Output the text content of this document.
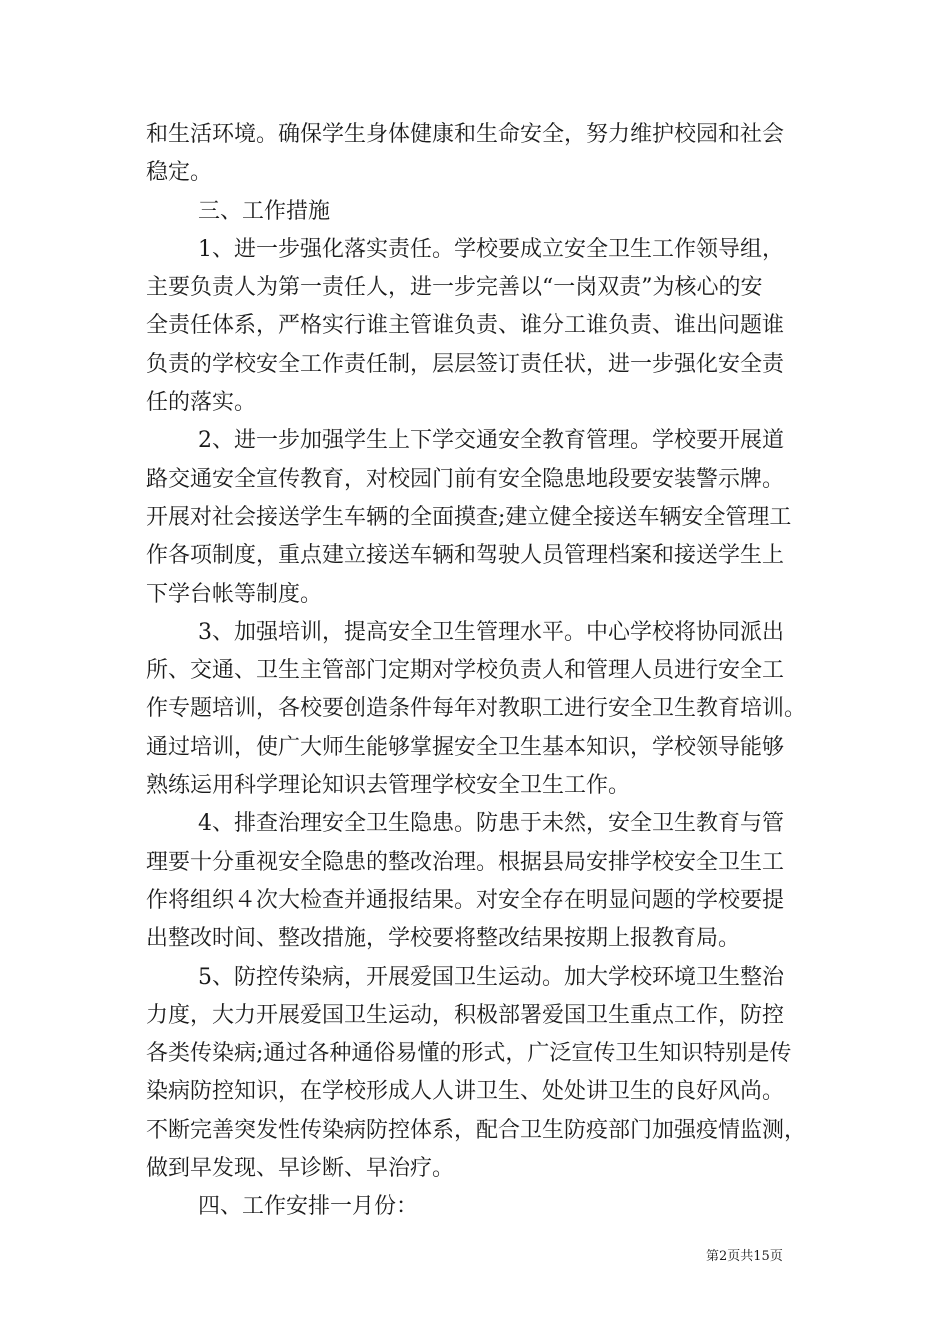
和生活环境。确保学生身体健康和生命安全，努力维护校园和社会
稳定。
三、工作措施
1、进一步强化落实责任。学校要成立安全卫生工作领导组，
主要负责人为第一责任人，进一步完善以“一岗双责”为核心的安
全责任体系，严格实行谁主管谁负责、谁分工谁负责、谁出问题谁
负责的学校安全工作责任制，层层签订责任状，进一步强化安全责
任的落实。
2、进一步加强学生上下学交通安全教育管理。学校要开展道
路交通安全宣传教育，对校园门前有安全隐患地段要安装警示牌。
开展对社会接送学生车辆的全面摸查;建立健全接送车辆安全管理工
作各项制度，重点建立接送车辆和驾驶人员管理档案和接送学生上
下学台帐等制度。
3、加强培训，提高安全卫生管理水平。中心学校将协同派出
所、交通、卫生主管部门定期对学校负责人和管理人员进行安全工
作专题培训，各校要创造条件每年对教职工进行安全卫生教育培训。
通过培训，使广大师生能够掌握安全卫生基本知识，学校领导能够
熟练运用科学理论知识去管理学校安全卫生工作。
4、排查治理安全卫生隐患。防患于未然，安全卫生教育与管
理要十分重视安全隐患的整改治理。根据县局安排学校安全卫生工
作将组织４次大检查并通报结果。对安全存在明显问题的学校要提
出整改时间、整改措施，学校要将整改结果按期上报教育局。
5、防控传染病，开展爱国卫生运动。加大学校环境卫生整治
力度，大力开展爱国卫生运动，积极部署爱国卫生重点工作，防控
各类传染病;通过各种通俗易懂的形式，广泛宣传卫生知识特别是传
染病防控知识，在学校形成人人讲卫生、处处讲卫生的良好风尚。
不断完善突发性传染病防控体系，配合卫生防疫部门加强疫情监测，
做到早发现、早诊断、早治疗。
四、工作安排一月份：
第2页共15页
